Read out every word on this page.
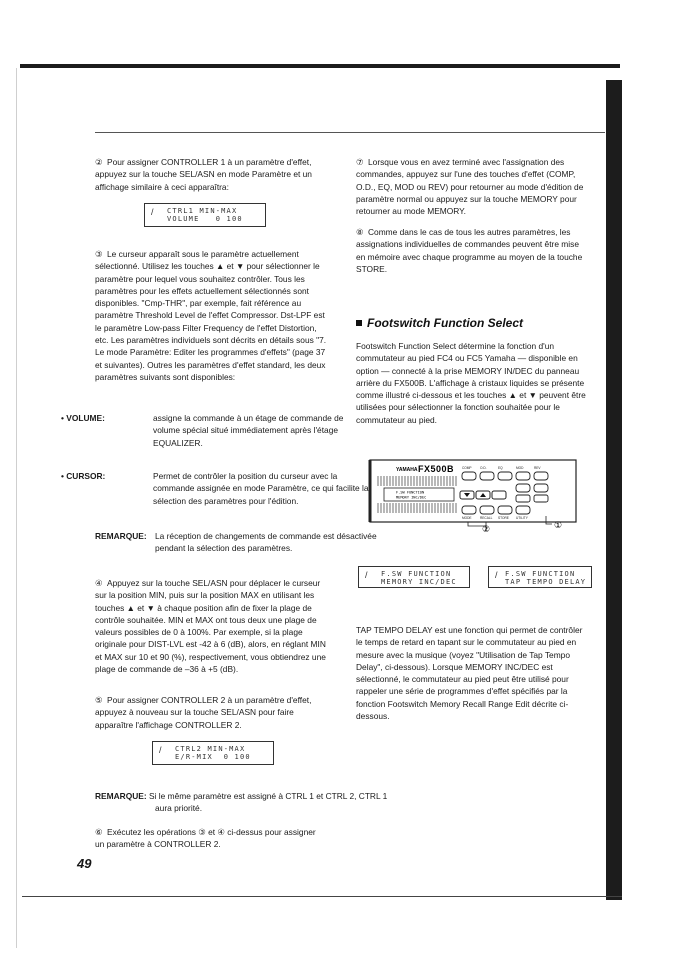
② Pour assigner CONTROLLER 1 à un paramètre d'effet, appuyez sur la touche SEL/ASN en mode Paramètre et un affichage similaire à ceci apparaîtra:

/

CTRL1 MIN-MAX

VOLUME   0 100

③ Le curseur apparaît sous le paramètre actuellement sélectionné. Utilisez les touches ▲ et ▼ pour sélectionner le paramètre pour lequel vous souhaitez contrôler. Tous les paramètres pour les effets actuellement sélectionnés sont disponibles. "Cmp-THR", par exemple, fait référence au paramètre Threshold Level de l'effet Compressor. Dst-LPF est le paramètre Low-pass Filter Frequency de l'effet Distortion, etc. Les paramètres individuels sont décrits en détails sous "7. Le mode Paramètre: Editer les programmes d'effets" (page 37 et suivantes). Outres les paramètres d'effet standard, les deux paramètres suivants sont disponibles:
• VOLUME:	assigne la commande à un étage de commande de volume spécial situé immédiatement après l'étage EQUALIZER.
• CURSOR:	Permet de contrôler la position du curseur avec la commande assignée en mode Paramètre, ce qui facilite la sélection des paramètres pour l'édition.
REMARQUE: La réception de changements de commande est désactivée pendant la sélection des paramètres.
④ Appuyez sur la touche SEL/ASN pour déplacer le curseur sur la position MIN, puis sur la position MAX en utilisant les touches ▲ et ▼ à chaque position afin de fixer la plage de contrôle souhaitée. MIN et MAX ont tous deux une plage de valeurs possibles de 0 à 100%. Par exemple, si la plage originale pour DIST-LVL est -42 à 6 (dB), alors, en réglant MIN et MAX sur 10 et 90 (%), respectivement, vous obtiendrez une plage de commande de –36 à +5 (dB).
⑤ Pour assigner CONTROLLER 2 à un paramètre d'effet, appuyez à nouveau sur la touche SEL/ASN pour faire apparaître l'affichage CONTROLLER 2.

/

CTRL2 MIN-MAX

E/R-MIX  0 100

REMARQUE: Si le même paramètre est assigné à CTRL 1 et CTRL 2, CTRL 1 aura priorité.
⑥ Exécutez les opérations ③ et ④ ci-dessus pour assigner un paramètre à CONTROLLER 2.
⑦ Lorsque vous en avez terminé avec l'assignation des commandes, appuyez sur l'une des touches d'effet (COMP, O.D., EQ, MOD ou REV) pour retourner au mode d'édition de paramètre normal ou appuyez sur la touche MEMORY pour retourner au mode MEMORY.
⑧ Comme dans le cas de tous les autres paramètres, les assignations individuelles de commandes peuvent être mise en mémoire avec chaque programme au moyen de la touche STORE.
Footswitch Function Select
Footswitch Function Select détermine la fonction d'un commutateur au pied FC4 ou FC5 Yamaha — disponible en option — connecté à la prise MEMORY IN/DEC du panneau arrière du FX500B. L'affichage à cristaux liquides se présente comme illustré ci-dessous et les touches ▲ et ▼ peuvent être utilisées pour sélectionner la fonction souhaitée pour le commutateur au pied.
YAMAHA FX500B
F.SW FUNCTION
MEMORY INC/DEC
COMP	O.D.	EQ	MOD	REV
MODE	RECALL STORE UTILITY
②	①

/

F.SW FUNCTION

MEMORY INC/DEC

/

F.SW FUNCTION

TAP TEMPO DELAY

TAP TEMPO DELAY est une fonction qui permet de contrôler le temps de retard en tapant sur le commutateur au pied en mesure avec la musique (voyez "Utilisation de Tap Tempo Delay", ci-dessous). Lorsque MEMORY INC/DEC est sélectionné, le commutateur au pied peut être utilisé pour rappeler une série de programmes d'effet spécifiés par la fonction Footswitch Memory Recall Range Edit décrite ci-dessous.
49
